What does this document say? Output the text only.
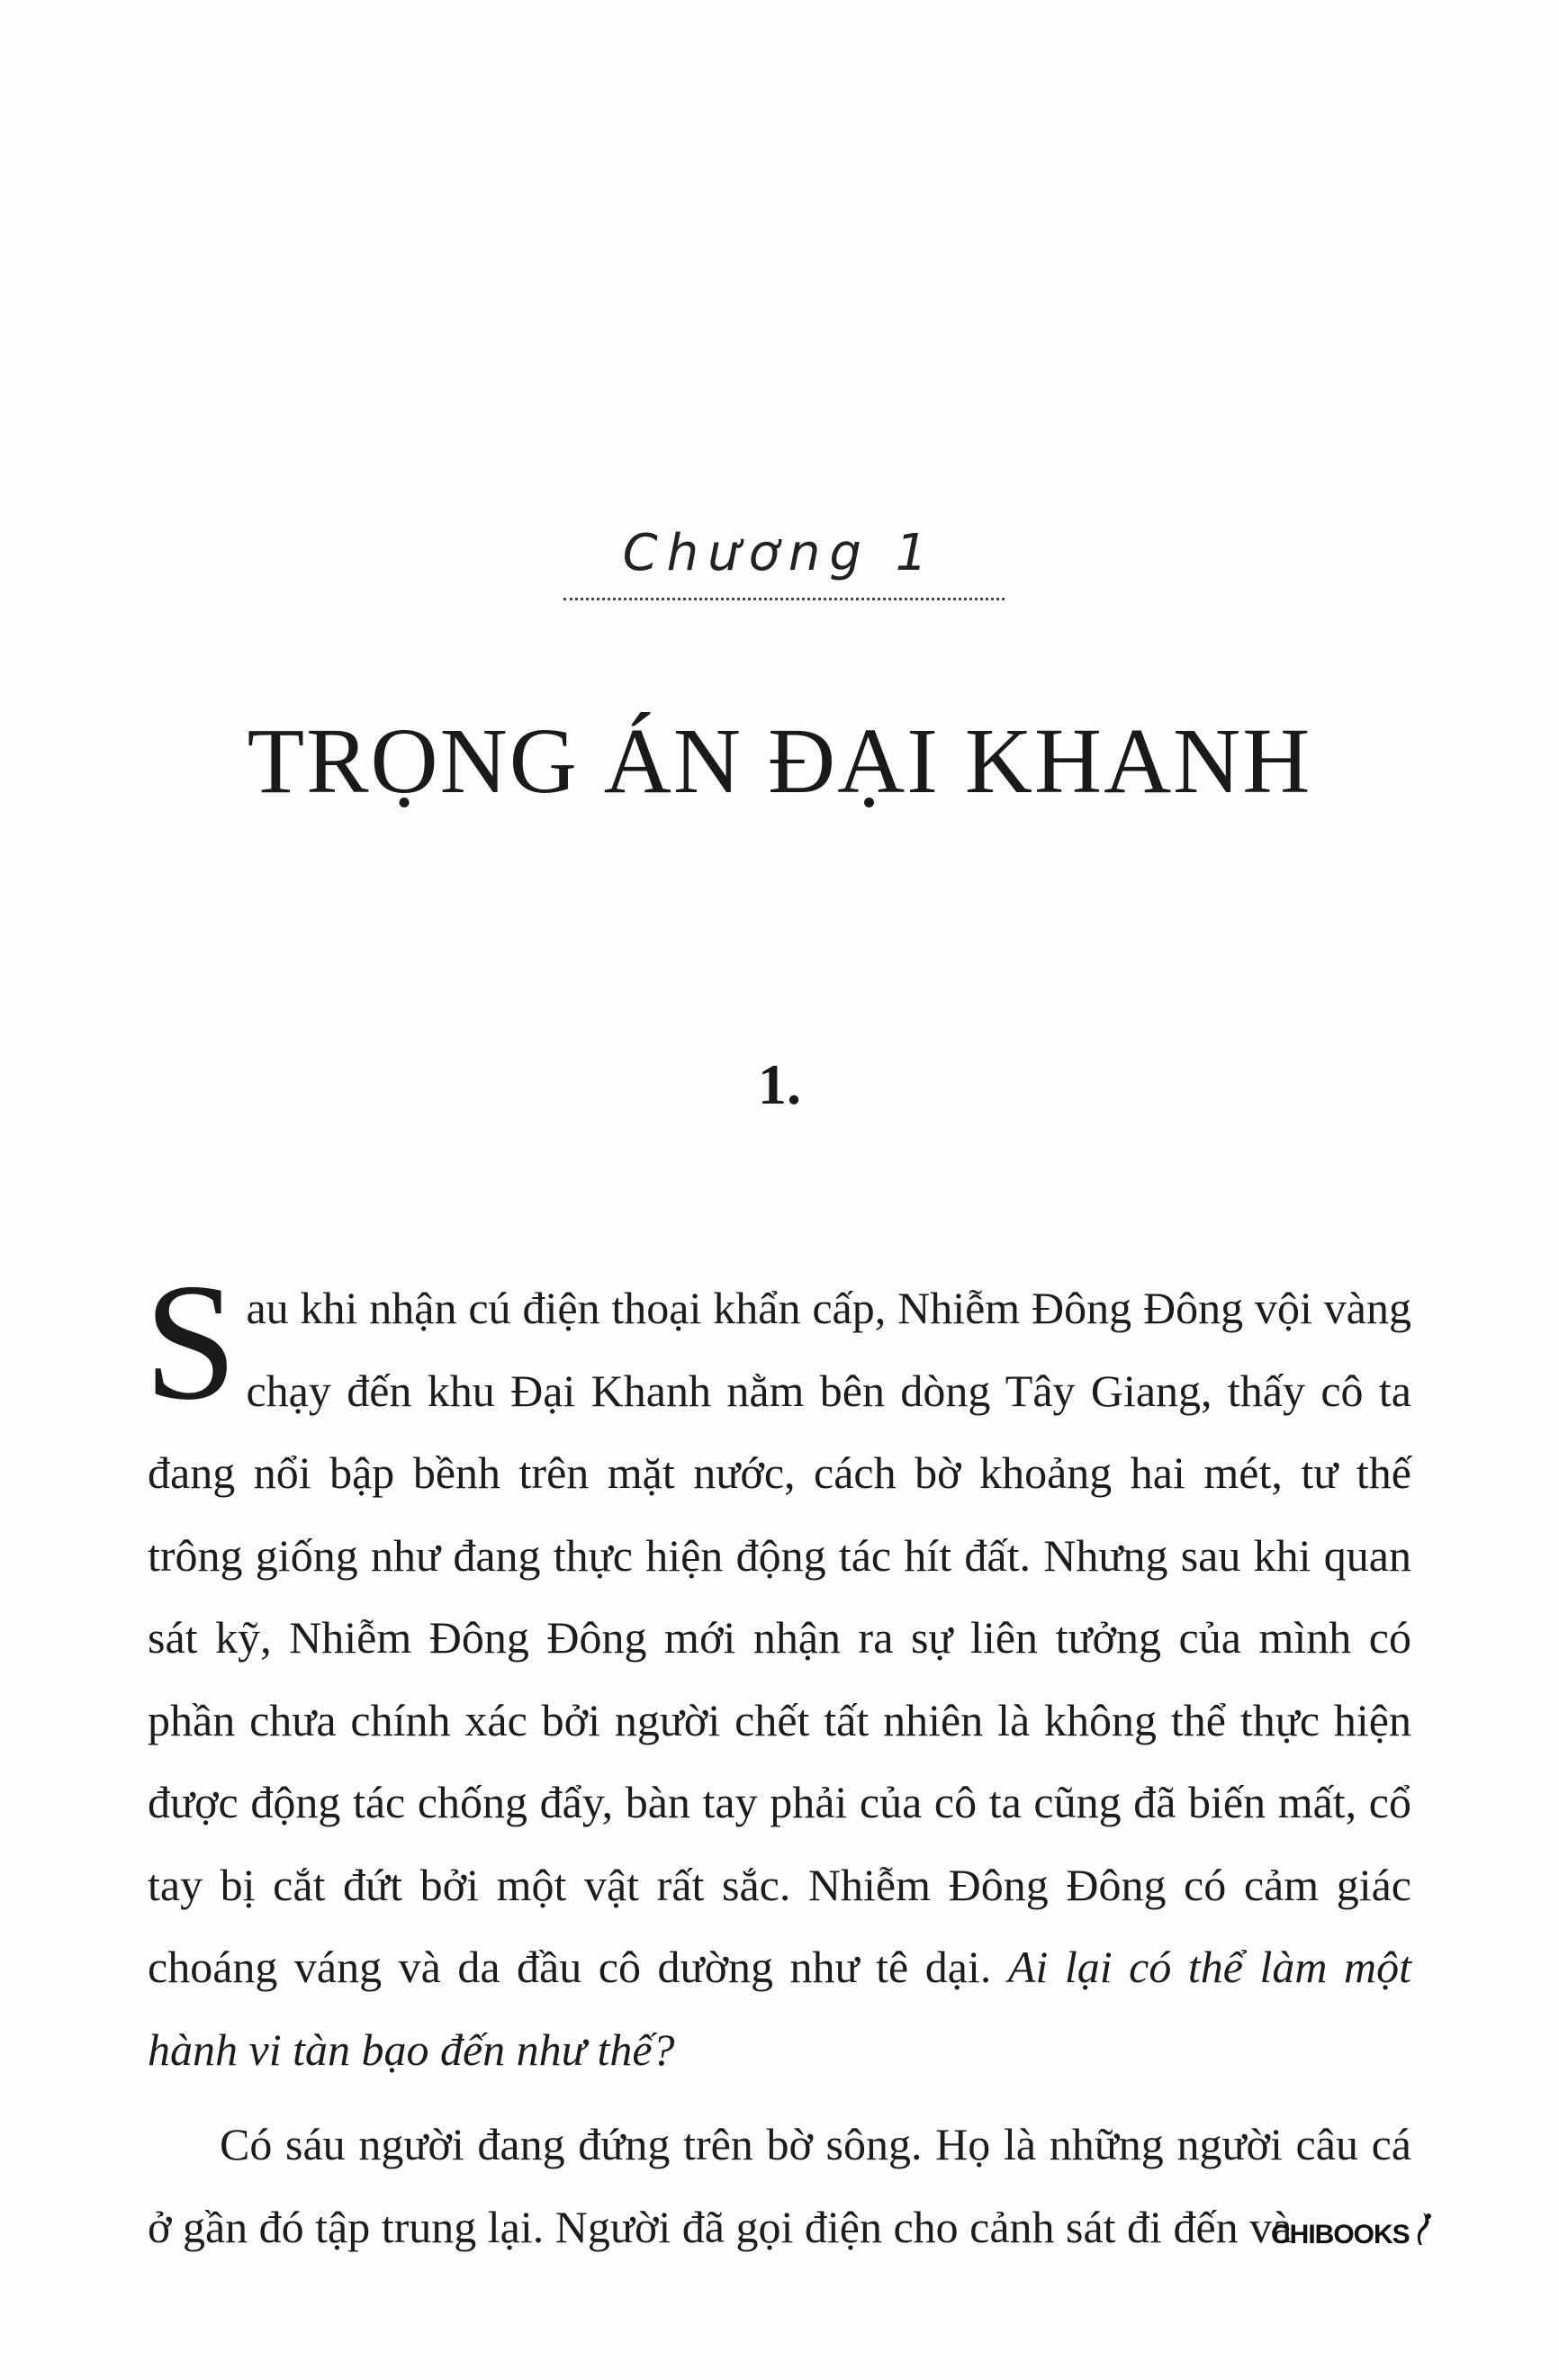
Chương 1
TRỌNG ÁN ĐẠI KHANH
1.

Sau khi nhận cú điện thoại khẩn cấp, Nhiễm Đông Đông vội vàng chạy đến khu Đại Khanh nằm bên dòng Tây Giang, thấy cô ta đang nổi bập bềnh trên mặt nước, cách bờ khoảng hai mét, tư thế trông giống như đang thực hiện động tác hít đất. Nhưng sau khi quan sát kỹ, Nhiễm Đông Đông mới nhận ra sự liên tưởng của mình có phần chưa chính xác bởi người chết tất nhiên là không thể thực hiện được động tác chống đẩy, bàn tay phải của cô ta cũng đã biến mất, cổ tay bị cắt đứt bởi một vật rất sắc. Nhiễm Đông Đông có cảm giác choáng váng và da đầu cô dường như tê dại. Ai lại có thể làm một hành vi tàn bạo đến như thế?

Có sáu người đang đứng trên bờ sông. Họ là những người câu cá ở gần đó tập trung lại. Người đã gọi điện cho cảnh sát đi đến và

CHIBOOKS
